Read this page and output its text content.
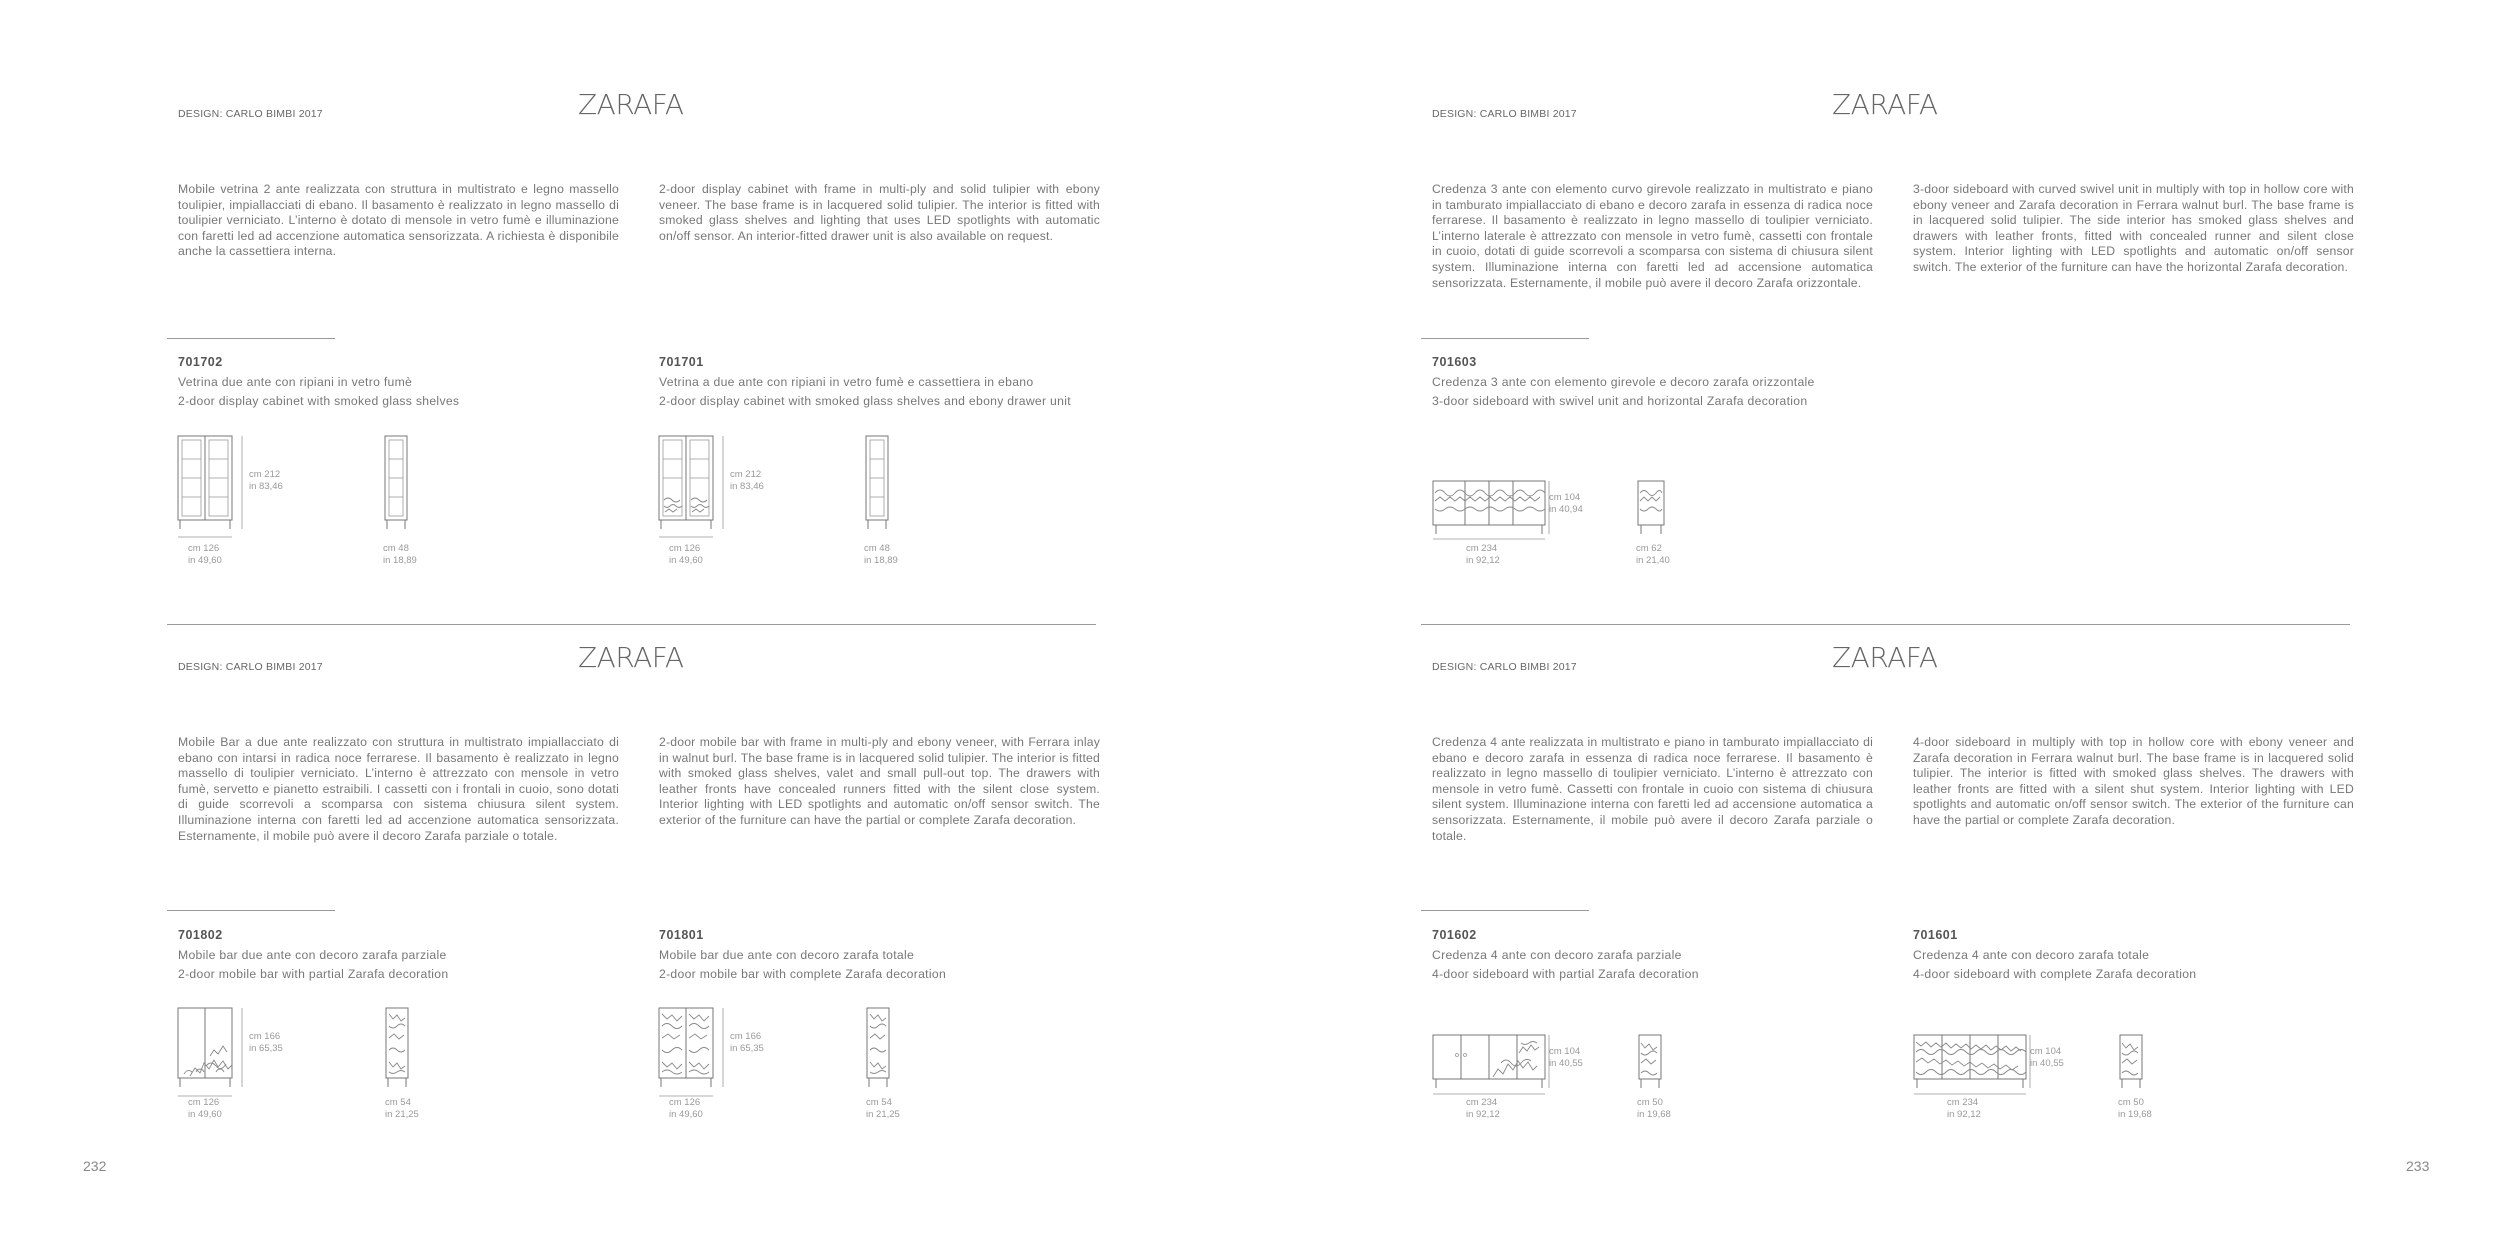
DESIGN: CARLO BIMBI 2017	ZARAFA
Mobile vetrina 2 ante realizzata con struttura in multistrato e legno massello toulipier, impiallacciati di ebano. Il basamento è realizzato in legno massello di toulipier verniciato. L’interno è dotato di mensole in vetro fumè e illuminazione con faretti led ad accenzione automatica sensorizzata. A richiesta è disponibile anche la cassettiera interna.
2-door display cabinet with frame in multi-ply and solid tulipier with ebony veneer. The base frame is in lacquered solid tulipier. The interior is fitted with smoked glass shelves and lighting that uses LED spotlights with automatic on/off sensor. An interior-fitted drawer unit is also available on request.
701702
Vetrina due ante con ripiani in vetro fumè
2-door display cabinet with smoked glass shelves
cm 212
in 83,46
cm 126
in 49,60
cm 48
in 18,89
701701
Vetrina a due ante con ripiani in vetro fumè e cassettiera in ebano
2-door display cabinet with smoked glass shelves and ebony drawer unit
cm 212
in 83,46
cm 126
in 49,60
cm 48
in 18,89
DESIGN: CARLO BIMBI 2017	ZARAFA
Mobile Bar a due ante realizzato con struttura in multistrato impiallacciato di ebano con intarsi in radica noce ferrarese. Il basamento è realizzato in legno massello di toulipier verniciato. L’interno è attrezzato con mensole in vetro fumè, servetto e pianetto estraibili. I cassetti con i frontali in cuoio, sono dotati di guide scorrevoli a scomparsa con sistema chiusura silent system. Illuminazione interna con faretti led ad accenzione automatica sensorizzata. Esternamente, il mobile può avere il decoro Zarafa parziale o totale.
2-door mobile bar with frame in multi-ply and ebony veneer, with Ferrara inlay in walnut burl. The base frame is in lacquered solid tulipier. The interior is fitted with smoked glass shelves, valet and small pull-out top. The drawers with leather fronts have concealed runners fitted with the silent close system. Interior lighting with LED spotlights and automatic on/off sensor switch. The exterior of the furniture can have the partial or complete Zarafa decoration.
701802
Mobile bar due ante con decoro zarafa parziale
2-door mobile bar with partial Zarafa decoration
cm 166
in 65,35
cm 126
in 49,60
cm 54
in 21,25
701801
Mobile bar due ante con decoro zarafa totale
2-door mobile bar with complete Zarafa decoration
cm 166
in 65,35
cm 126
in 49,60
cm 54
in 21,25
232
DESIGN: CARLO BIMBI 2017	ZARAFA
Credenza 3 ante con elemento curvo girevole realizzato in multistrato e piano in tamburato impiallacciato di ebano e decoro zarafa in essenza di radica noce ferrarese. Il basamento è realizzato in legno massello di toulipier verniciato. L’interno laterale è attrezzato con mensole in vetro fumè, cassetti con frontale in cuoio, dotati di guide scorrevoli a scomparsa con sistema di chiusura silent system. Illuminazione interna con faretti led ad accensione automatica sensorizzata. Esternamente, il mobile può avere il decoro Zarafa orizzontale.
3-door sideboard with curved swivel unit in multiply with top in hollow core with ebony veneer and Zarafa decoration in Ferrara walnut burl. The base frame is in lacquered solid tulipier. The side interior has smoked glass shelves and drawers with leather fronts, fitted with concealed runner and silent close system. Interior lighting with LED spotlights and automatic on/off sensor switch. The exterior of the furniture can have the horizontal Zarafa decoration.
701603
Credenza 3 ante con elemento girevole e decoro zarafa orizzontale
3-door sideboard with swivel unit and horizontal Zarafa decoration
cm 104
in 40,94
cm 234
in 92,12
cm 62
in 21,40
DESIGN: CARLO BIMBI 2017	ZARAFA
Credenza 4 ante realizzata in multistrato e piano in tamburato impiallacciato di ebano e decoro zarafa in essenza di radica noce ferrarese. Il basamento è realizzato in legno massello di toulipier verniciato. L’interno è attrezzato con mensole in vetro fumè. Cassetti con frontale in cuoio con sistema di chiusura silent system. Illuminazione interna con faretti led ad accensione automatica a sensorizzata. Esternamente, il mobile può avere il decoro Zarafa parziale o totale.
4-door sideboard in multiply with top in hollow core with ebony veneer and Zarafa decoration in Ferrara walnut burl. The base frame is in lacquered solid tulipier. The interior is fitted with smoked glass shelves. The drawers with leather fronts are fitted with a silent shut system. Interior lighting with LED spotlights and automatic on/off sensor switch. The exterior of the furniture can have the partial or complete Zarafa decoration.
701602
Credenza 4 ante con decoro zarafa parziale
4-door sideboard with partial Zarafa decoration
cm 104
in 40,55
cm 234
in 92,12
cm 50
in 19,68
701601
Credenza 4 ante con decoro zarafa totale
4-door sideboard with complete Zarafa decoration
cm 104
in 40,55
cm 234
in 92,12
cm 50
in 19,68
233
